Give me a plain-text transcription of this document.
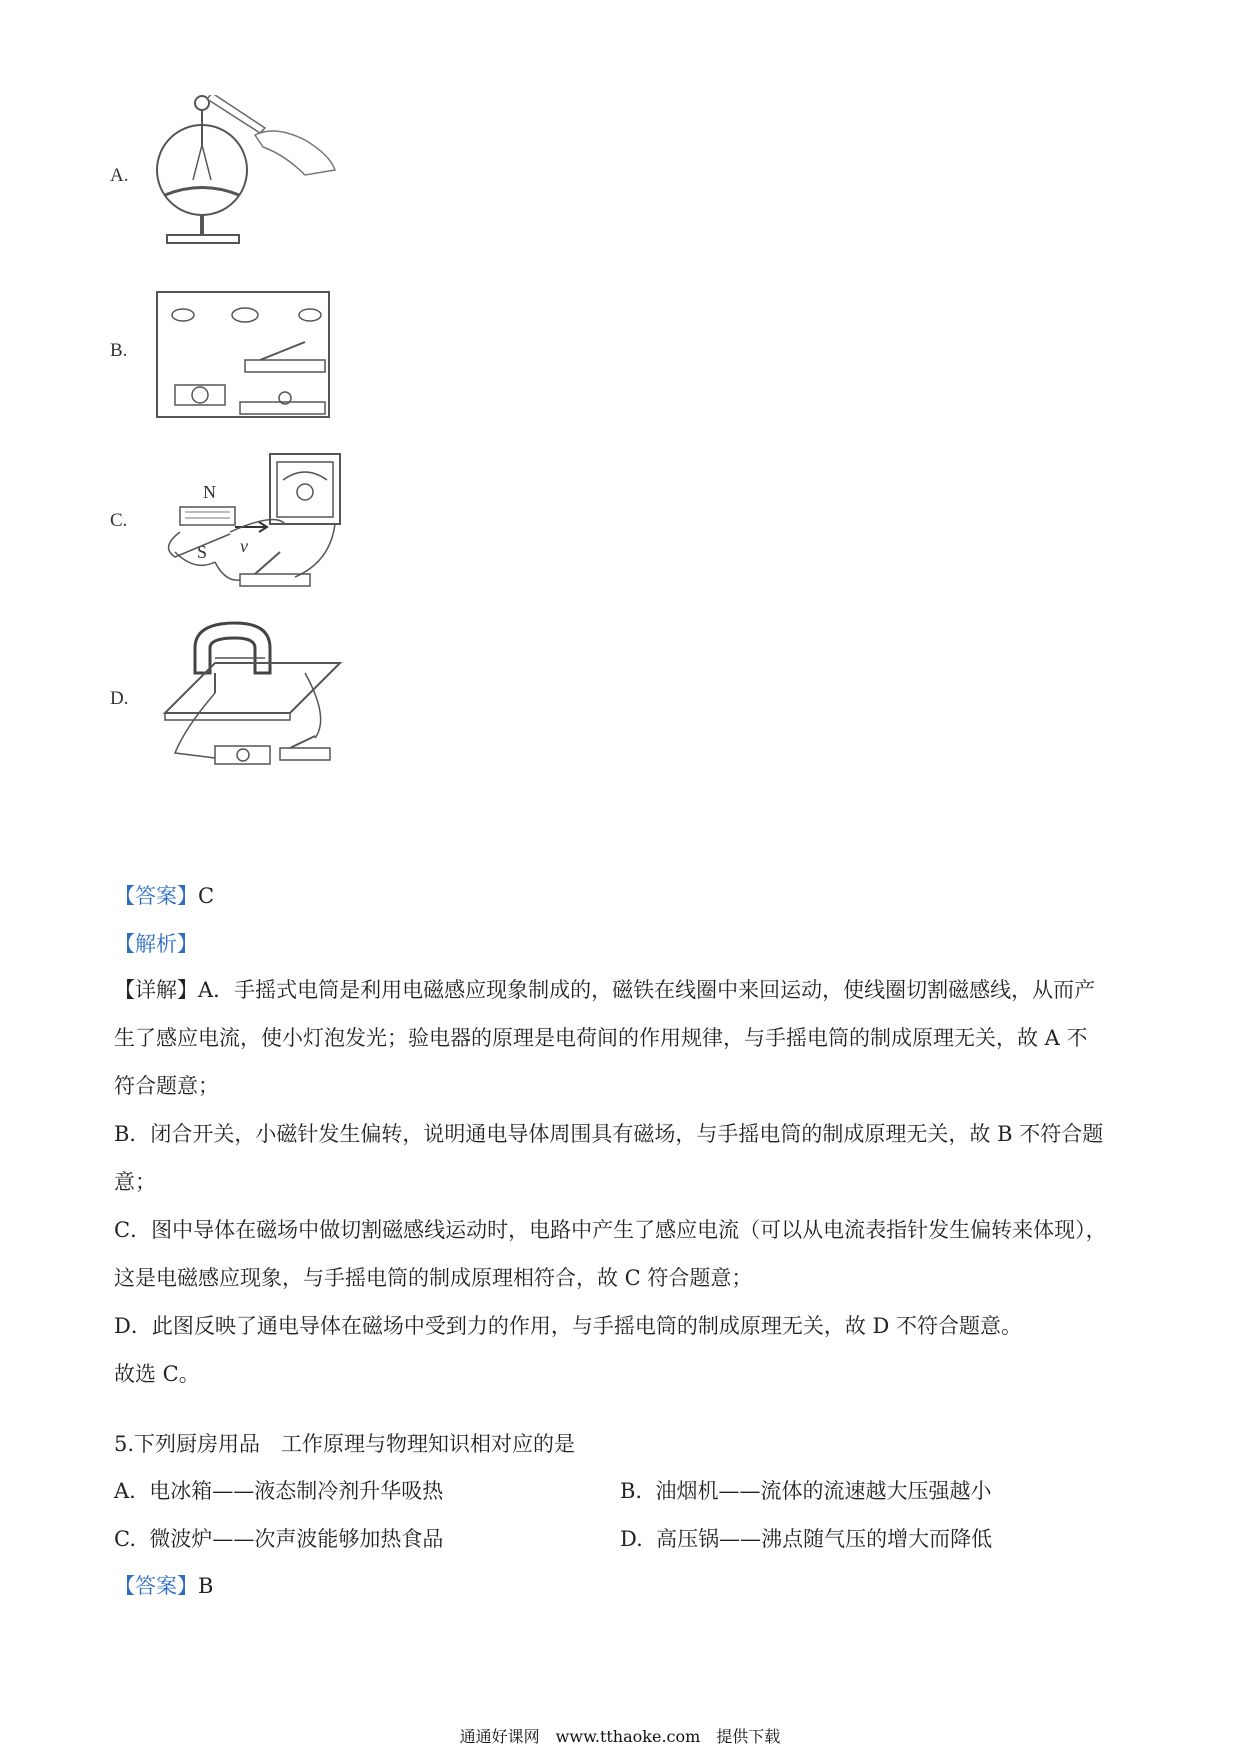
A.
B.
C.
N
S v
D.
【答案】C
【解析】
【详解】A．手摇式电筒是利用电磁感应现象制成的，磁铁在线圈中来回运动，使线圈切割磁感线，从而产
生了感应电流，使小灯泡发光；验电器的原理是电荷间的作用规律，与手摇电筒的制成原理无关，故 A 不
符合题意；
B．闭合开关，小磁针发生偏转，说明通电导体周围具有磁场，与手摇电筒的制成原理无关，故 B 不符合题
意；
C．图中导体在磁场中做切割磁感线运动时，电路中产生了感应电流（可以从电流表指针发生偏转来体现），
这是电磁感应现象，与手摇电筒的制成原理相符合，故 C 符合题意；
D．此图反映了通电导体在磁场中受到力的作用，与手摇电筒的制成原理无关，故 D 不符合题意。
故选 C。
5.下列厨房用品　工作原理与物理知识相对应的是
A. 电冰箱——液态制冷剂升华吸热	B. 油烟机——流体的流速越大压强越小
C. 微波炉——次声波能够加热食品	D. 高压锅——沸点随气压的增大而降低
【答案】B
通通好课网　www.tthaoke.com　提供下载
